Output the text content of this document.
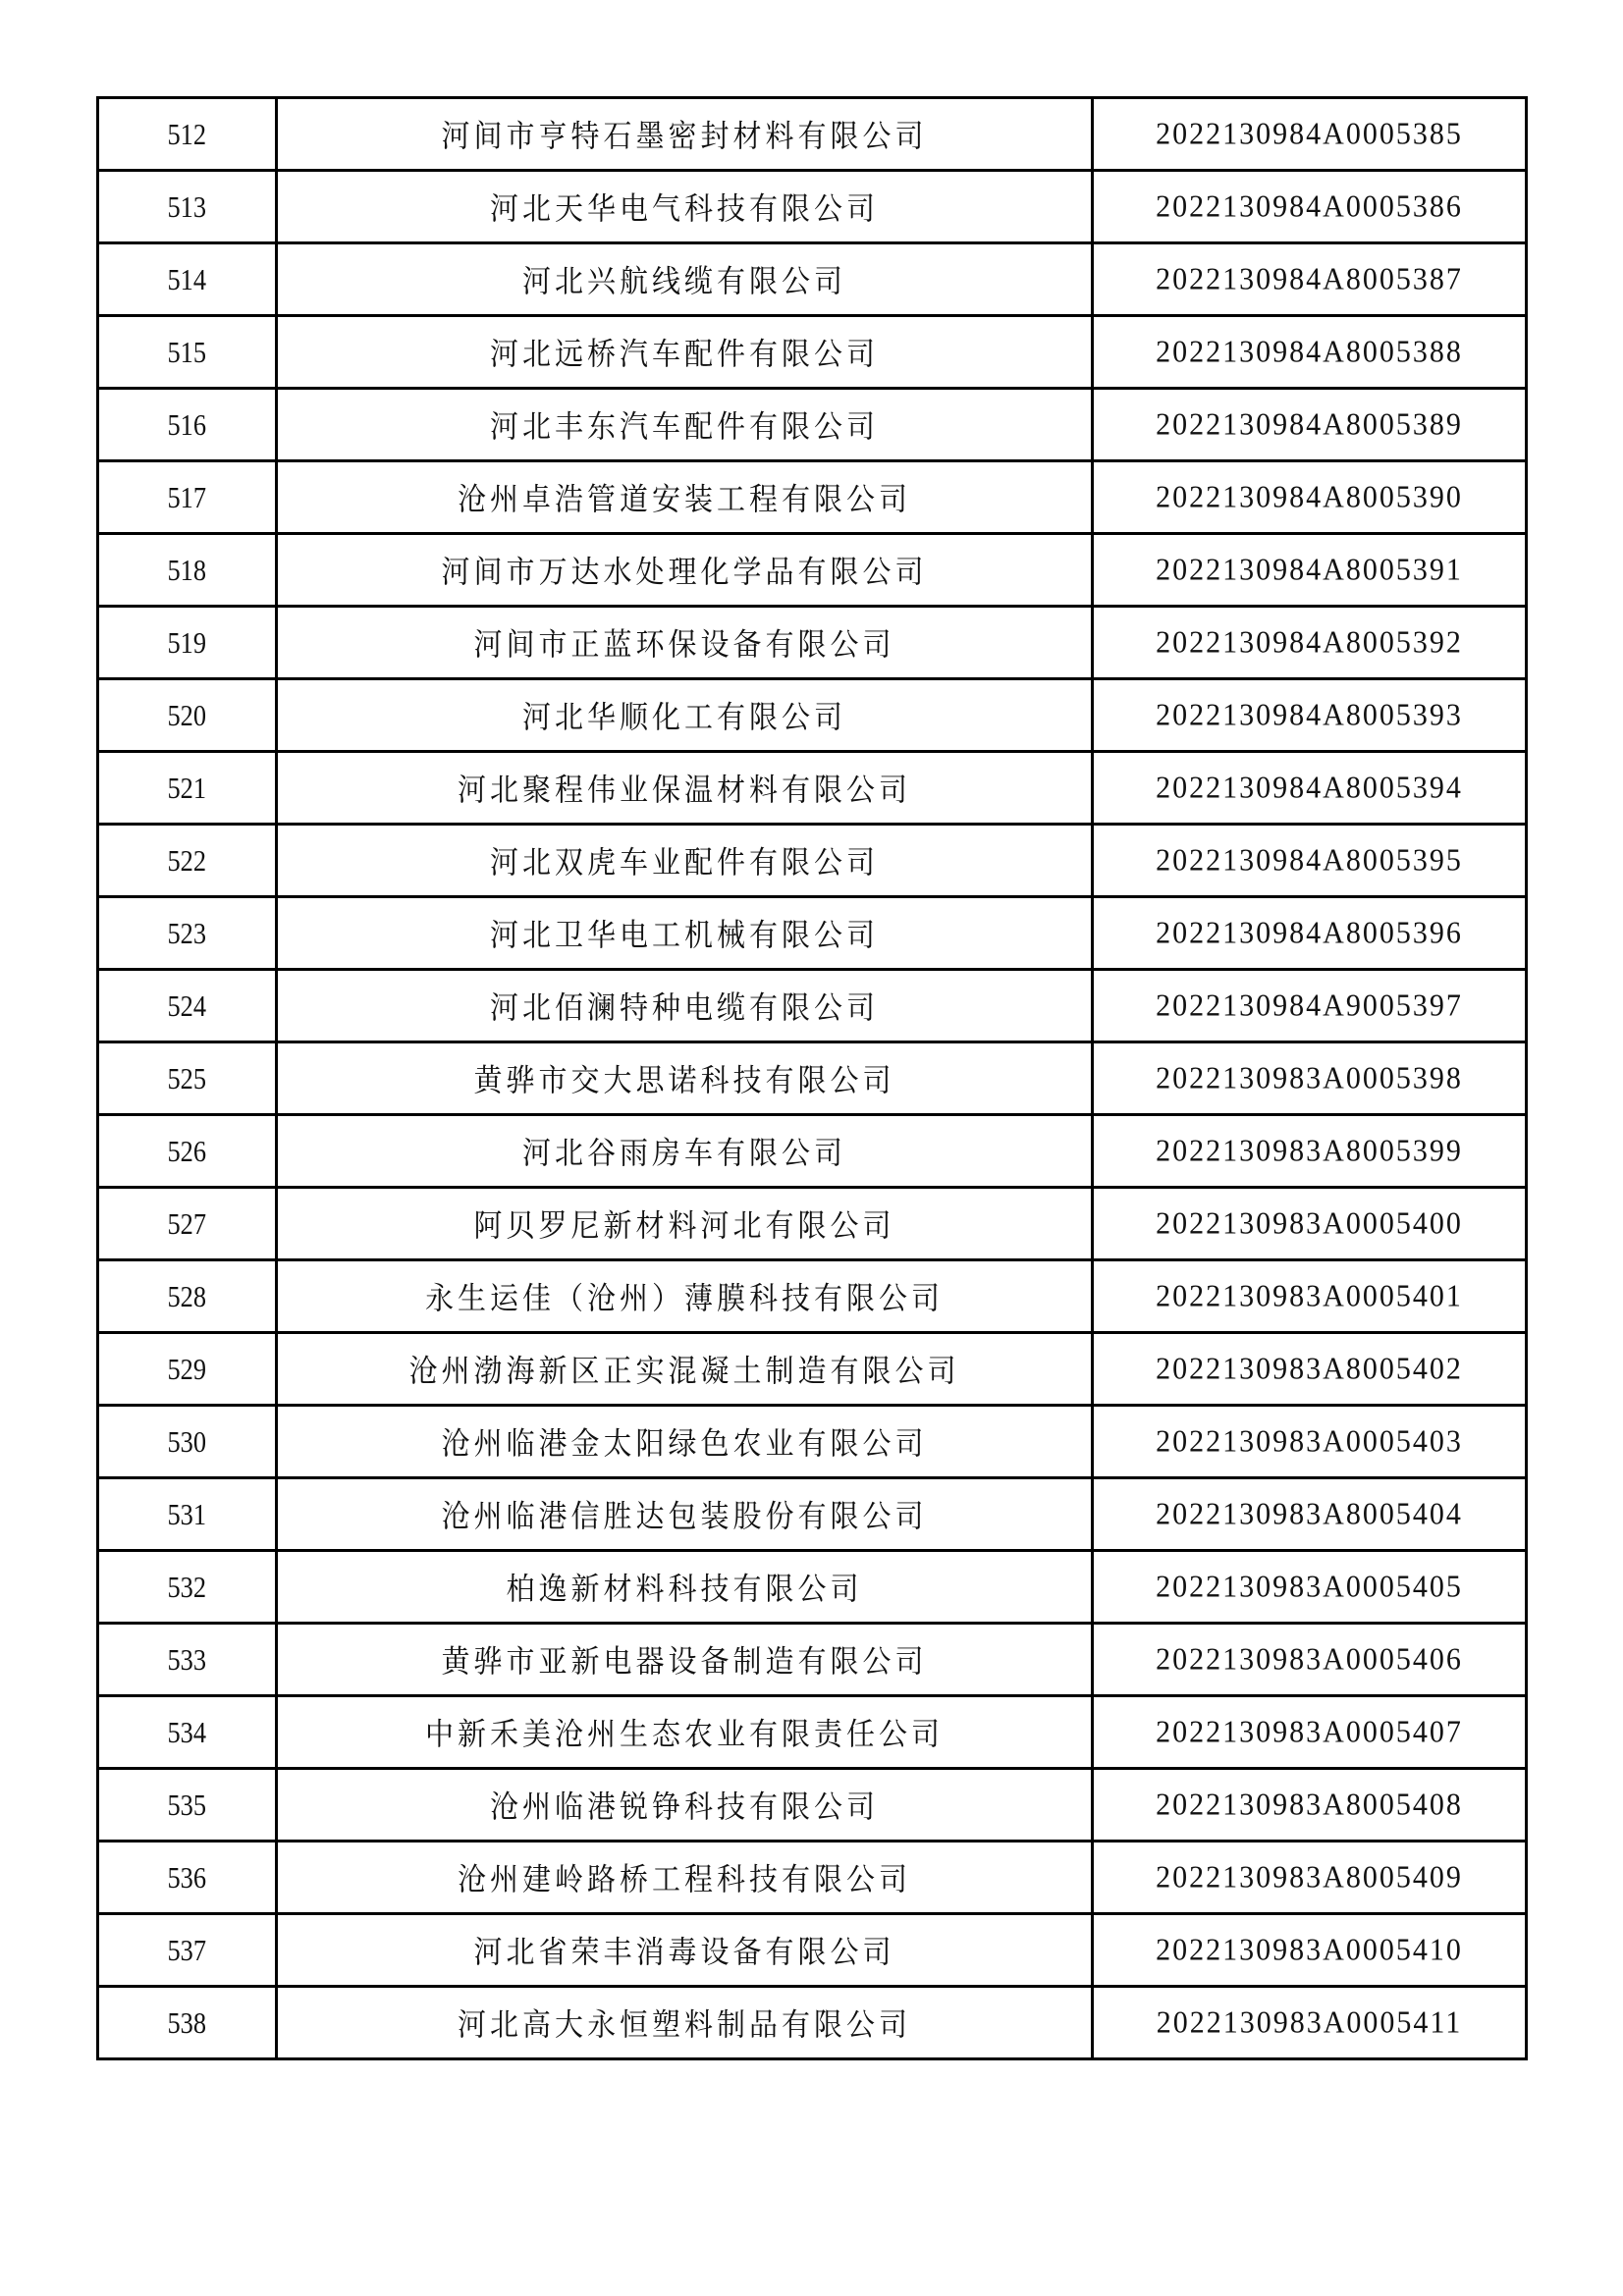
512	河间市亨特石墨密封材料有限公司	2022130984A0005385
513	河北天华电气科技有限公司	2022130984A0005386
514	河北兴航线缆有限公司	2022130984A8005387
515	河北远桥汽车配件有限公司	2022130984A8005388
516	河北丰东汽车配件有限公司	2022130984A8005389
517	沧州卓浩管道安装工程有限公司	2022130984A8005390
518	河间市万达水处理化学品有限公司	2022130984A8005391
519	河间市正蓝环保设备有限公司	2022130984A8005392
520	河北华顺化工有限公司	2022130984A8005393
521	河北聚程伟业保温材料有限公司	2022130984A8005394
522	河北双虎车业配件有限公司	2022130984A8005395
523	河北卫华电工机械有限公司	2022130984A8005396
524	河北佰澜特种电缆有限公司	2022130984A9005397
525	黄骅市交大思诺科技有限公司	2022130983A0005398
526	河北谷雨房车有限公司	2022130983A8005399
527	阿贝罗尼新材料河北有限公司	2022130983A0005400
528	永生运佳（沧州）薄膜科技有限公司	2022130983A0005401
529	沧州渤海新区正实混凝土制造有限公司	2022130983A8005402
530	沧州临港金太阳绿色农业有限公司	2022130983A0005403
531	沧州临港信胜达包装股份有限公司	2022130983A8005404
532	柏逸新材料科技有限公司	2022130983A0005405
533	黄骅市亚新电器设备制造有限公司	2022130983A0005406
534	中新禾美沧州生态农业有限责任公司	2022130983A0005407
535	沧州临港锐铮科技有限公司	2022130983A8005408
536	沧州建岭路桥工程科技有限公司	2022130983A8005409
537	河北省荣丰消毒设备有限公司	2022130983A0005410
538	河北高大永恒塑料制品有限公司	2022130983A0005411
